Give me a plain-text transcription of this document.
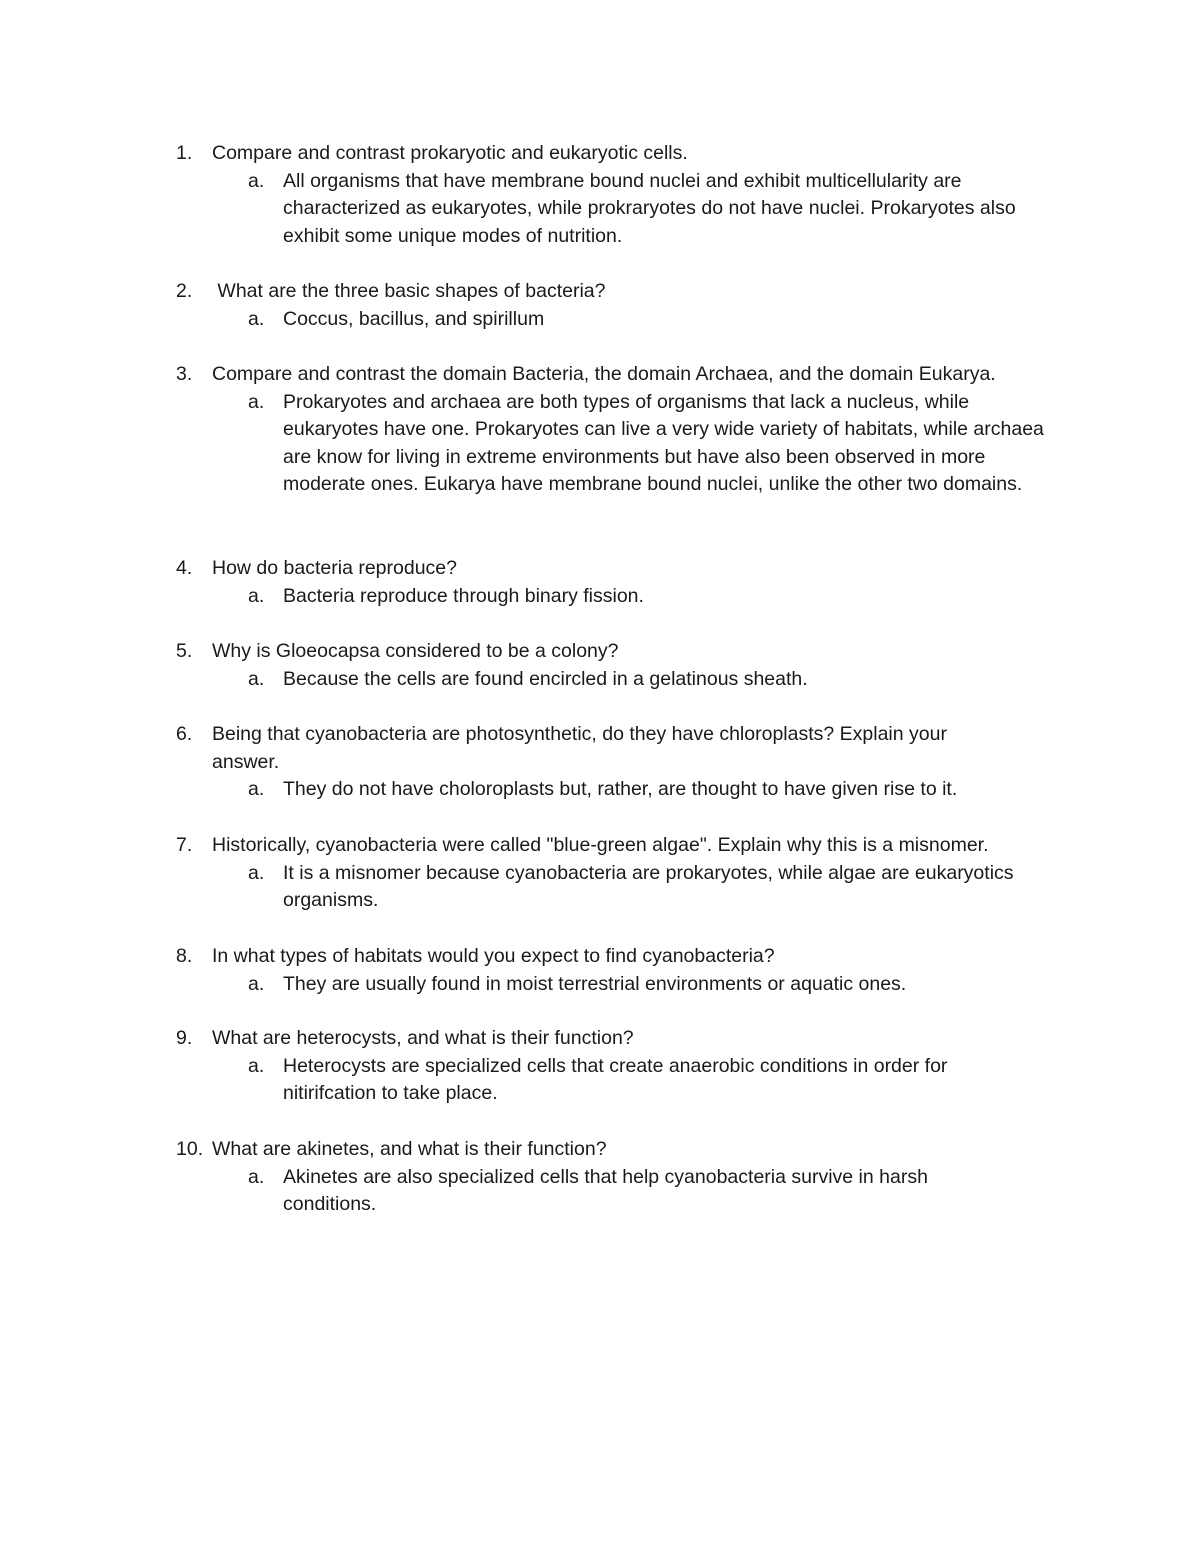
1. Compare and contrast prokaryotic and eukaryotic cells.
a. All organisms that have membrane bound nuclei and exhibit multicellularity are characterized as eukaryotes, while prokraryotes do not have nuclei. Prokaryotes also exhibit some unique modes of nutrition.
2. What are the three basic shapes of bacteria?
a. Coccus, bacillus, and spirillum
3. Compare and contrast the domain Bacteria, the domain Archaea, and the domain Eukarya.
a. Prokaryotes and archaea are both types of organisms that lack a nucleus, while eukaryotes have one. Prokaryotes can live a very wide variety of habitats, while archaea are know for living in extreme environments but have also been observed in more moderate ones. Eukarya have membrane bound nuclei, unlike the other two domains.
4. How do bacteria reproduce?
a. Bacteria reproduce through binary fission.
5. Why is Gloeocapsa considered to be a colony?
a. Because the cells are found encircled in a gelatinous sheath.
6. Being that cyanobacteria are photosynthetic, do they have chloroplasts? Explain your answer.
a. They do not have choloroplasts but, rather, are thought to have given rise to it.
7. Historically, cyanobacteria were called "blue-green algae". Explain why this is a misnomer.
a. It is a misnomer because cyanobacteria are prokaryotes, while algae are eukaryotics organisms.
8. In what types of habitats would you expect to find cyanobacteria?
a. They are usually found in moist terrestrial environments or aquatic ones.
9. What are heterocysts, and what is their function?
a. Heterocysts are specialized cells that create anaerobic conditions in order for nitirifcation to take place.
10. What are akinetes, and what is their function?
a. Akinetes are also specialized cells that help cyanobacteria survive in harsh conditions.
